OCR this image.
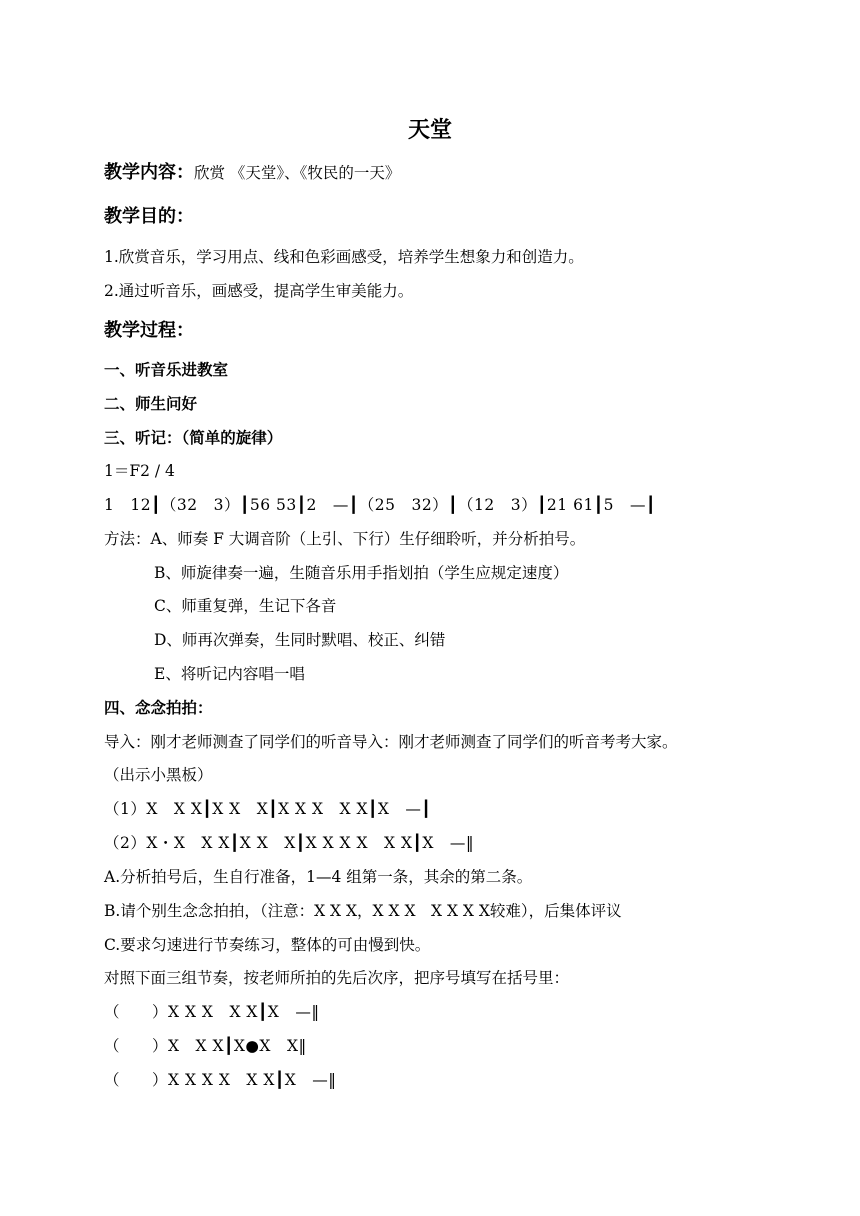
天堂
教学内容：欣赏 《天堂》、《牧民的一天》
教学目的：
1.欣赏音乐，学习用点、线和色彩画感受，培养学生想象力和创造力。
2.通过听音乐，画感受，提高学生审美能力。
教学过程：
一、听音乐进教室
二、师生问好
三、听记：（简单的旋律）
1＝F2 / 4
1　12┃（32　3）┃56 53┃2　—┃（25　32）┃（12　3）┃21 61┃5　—┃
方法：A、师奏 F 大调音阶（上引、下行）生仔细聆听，并分析拍号。
B、师旋律奏一遍，生随音乐用手指划拍（学生应规定速度）
C、师重复弹，生记下各音
D、师再次弹奏，生同时默唱、校正、纠错
E、将听记内容唱一唱
四、念念拍拍：
导入：刚才老师测查了同学们的听音导入：刚才老师测查了同学们的听音考考大家。
（出示小黑板）
（1）X　X X┃X X　X┃X X X　X X┃X　—┃
（2）X・X　X X┃X X　X┃X X X X　X X┃X　—‖
A.分析拍号后，生自行准备，1—4 组第一条，其余的第二条。
B.请个别生念念拍拍，（注意：X X X，X X X　X X X X较难），后集体评议
C.要求匀速进行节奏练习，整体的可由慢到快。
对照下面三组节奏，按老师所拍的先后次序，把序号填写在括号里：
（　　）X X X　X X┃X　—‖
（　　）X　X X┃X●X　X‖
（　　）X X X X　X X┃X　—‖
